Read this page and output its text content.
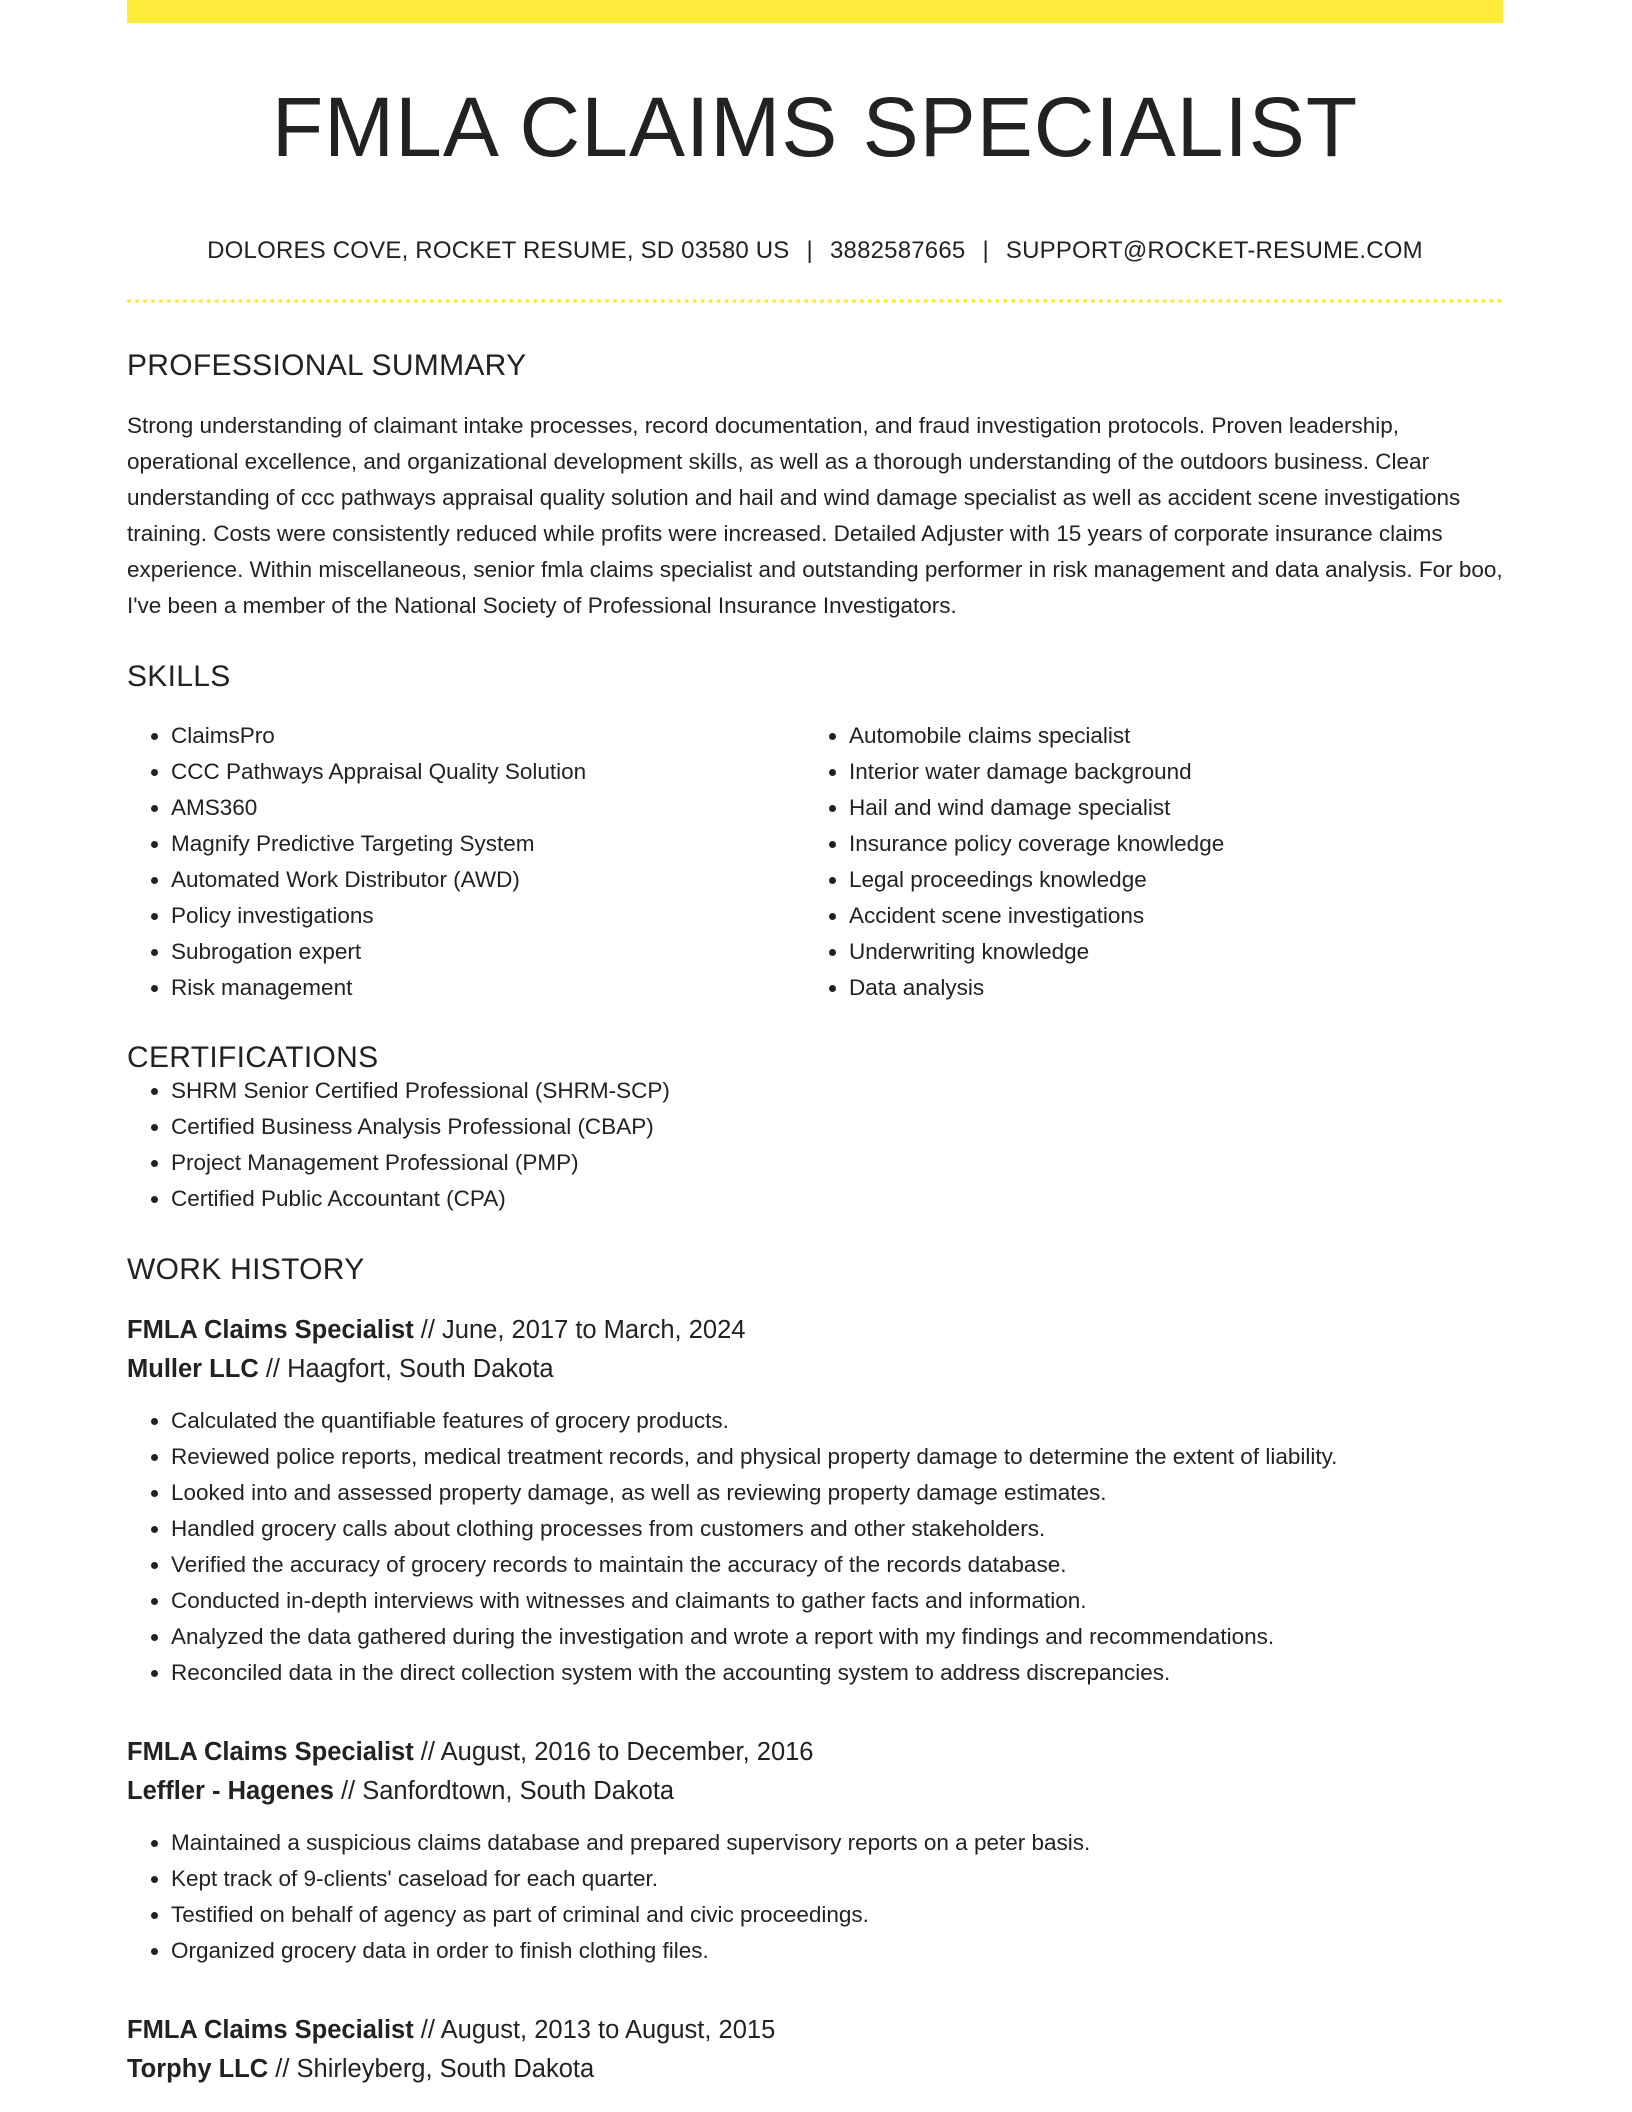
FMLA CLAIMS SPECIALIST
DOLORES COVE, ROCKET RESUME, SD 03580 US | 3882587665 | SUPPORT@ROCKET-RESUME.COM
PROFESSIONAL SUMMARY

Strong understanding of claimant intake processes, record documentation, and fraud investigation protocols. Proven leadership, operational excellence, and organizational development skills, as well as a thorough understanding of the outdoors business. Clear understanding of ccc pathways appraisal quality solution and hail and wind damage specialist as well as accident scene investigations training. Costs were consistently reduced while profits were increased. Detailed Adjuster with 15 years of corporate insurance claims experience. Within miscellaneous, senior fmla claims specialist and outstanding performer in risk management and data analysis. For boo, I've been a member of the National Society of Professional Insurance Investigators.

SKILLS
• ClaimsPro
• CCC Pathways Appraisal Quality Solution
• AMS360
• Magnify Predictive Targeting System
• Automated Work Distributor (AWD)
• Policy investigations
• Subrogation expert
• Risk management
• Automobile claims specialist
• Interior water damage background
• Hail and wind damage specialist
• Insurance policy coverage knowledge
• Legal proceedings knowledge
• Accident scene investigations
• Underwriting knowledge
• Data analysis
CERTIFICATIONS
• SHRM Senior Certified Professional (SHRM-SCP)
• Certified Business Analysis Professional (CBAP)
• Project Management Professional (PMP)
• Certified Public Accountant (CPA)
WORK HISTORY
FMLA Claims Specialist // June, 2017 to March, 2024
Muller LLC // Haagfort, South Dakota
• Calculated the quantifiable features of grocery products.
• Reviewed police reports, medical treatment records, and physical property damage to determine the extent of liability.
• Looked into and assessed property damage, as well as reviewing property damage estimates.
• Handled grocery calls about clothing processes from customers and other stakeholders.
• Verified the accuracy of grocery records to maintain the accuracy of the records database.
• Conducted in-depth interviews with witnesses and claimants to gather facts and information.
• Analyzed the data gathered during the investigation and wrote a report with my findings and recommendations.
• Reconciled data in the direct collection system with the accounting system to address discrepancies.
FMLA Claims Specialist // August, 2016 to December, 2016
Leffler - Hagenes // Sanfordtown, South Dakota
• Maintained a suspicious claims database and prepared supervisory reports on a peter basis.
• Kept track of 9-clients' caseload for each quarter.
• Testified on behalf of agency as part of criminal and civic proceedings.
• Organized grocery data in order to finish clothing files.
FMLA Claims Specialist // August, 2013 to August, 2015
Torphy LLC // Shirleyberg, South Dakota
